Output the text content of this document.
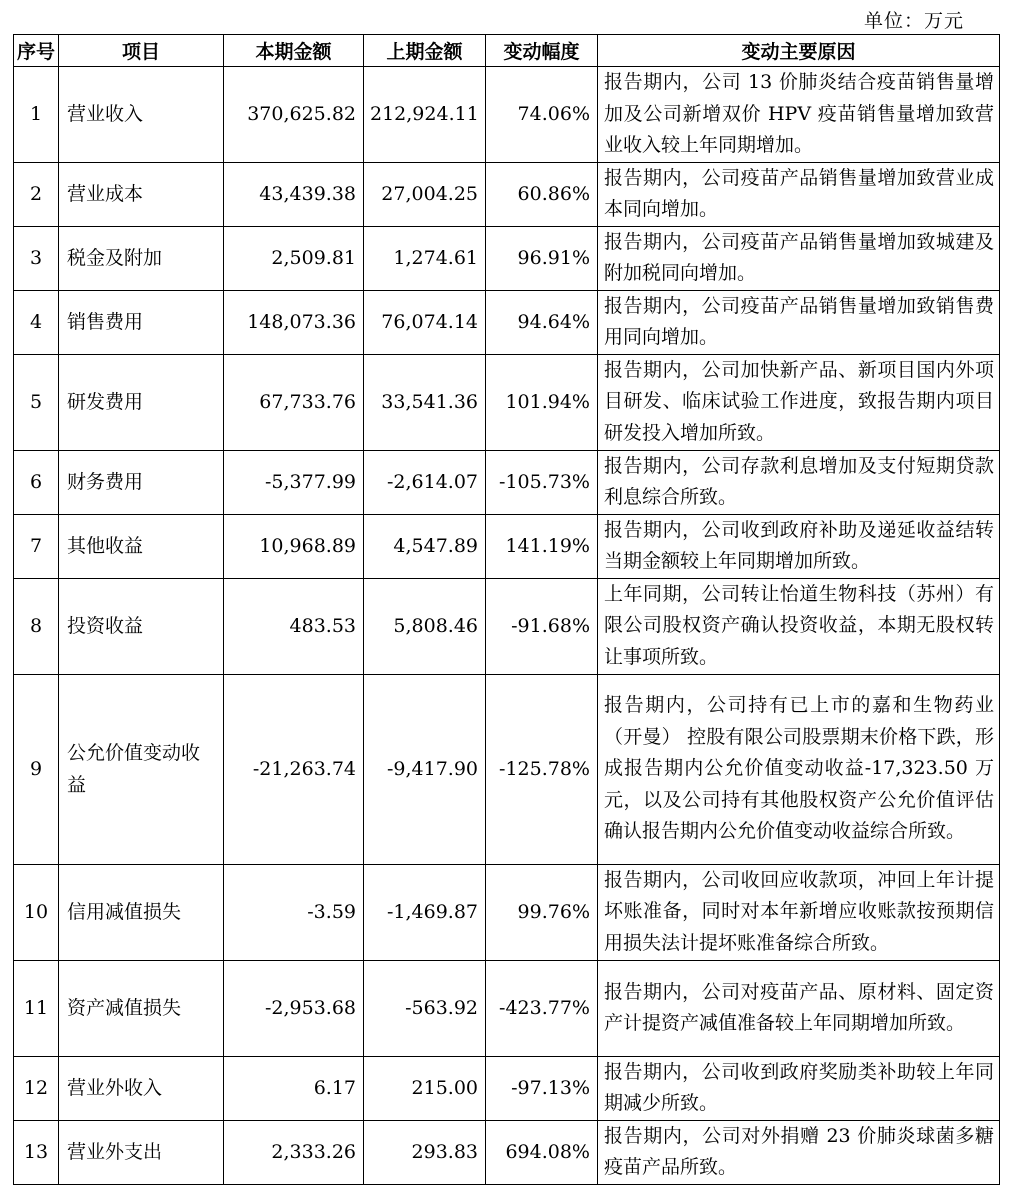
单位：万元
序号	项目	本期金额	上期金额	变动幅度	变动主要原因
1	营业收入	370,625.82	212,924.11	74.06%	报告期内，公司 13 价肺炎结合疫苗销售量增加及公司新增双价 HPV 疫苗销售量增加致营业收入较上年同期增加。
2	营业成本	43,439.38	27,004.25	60.86%	报告期内，公司疫苗产品销售量增加致营业成本同向增加。
3	税金及附加	2,509.81	1,274.61	96.91%	报告期内，公司疫苗产品销售量增加致城建及附加税同向增加。
4	销售费用	148,073.36	76,074.14	94.64%	报告期内，公司疫苗产品销售量增加致销售费用同向增加。
5	研发费用	67,733.76	33,541.36	101.94%	报告期内，公司加快新产品、新项目国内外项目研发、临床试验工作进度，致报告期内项目研发投入增加所致。
6	财务费用	-5,377.99	-2,614.07	-105.73%	报告期内，公司存款利息增加及支付短期贷款利息综合所致。
7	其他收益	10,968.89	4,547.89	141.19%	报告期内，公司收到政府补助及递延收益结转当期金额较上年同期增加所致。
8	投资收益	483.53	5,808.46	-91.68%	上年同期，公司转让怡道生物科技（苏州）有限公司股权资产确认投资收益，本期无股权转让事项所致。
9	公允价值变动收益	-21,263.74	-9,417.90	-125.78%	报告期内，公司持有已上市的嘉和生物药业（开曼） 控股有限公司股票期末价格下跌，形成报告期内公允价值变动收益-17,323.50 万元，以及公司持有其他股权资产公允价值评估确认报告期内公允价值变动收益综合所致。
10	信用减值损失	-3.59	-1,469.87	99.76%	报告期内，公司收回应收款项，冲回上年计提坏账准备，同时对本年新增应收账款按预期信用损失法计提坏账准备综合所致。
11	资产减值损失	-2,953.68	-563.92	-423.77%	报告期内，公司对疫苗产品、原材料、固定资产计提资产减值准备较上年同期增加所致。
12	营业外收入	6.17	215.00	-97.13%	报告期内，公司收到政府奖励类补助较上年同期减少所致。
13	营业外支出	2,333.26	293.83	694.08%	报告期内，公司对外捐赠 23 价肺炎球菌多糖疫苗产品所致。
